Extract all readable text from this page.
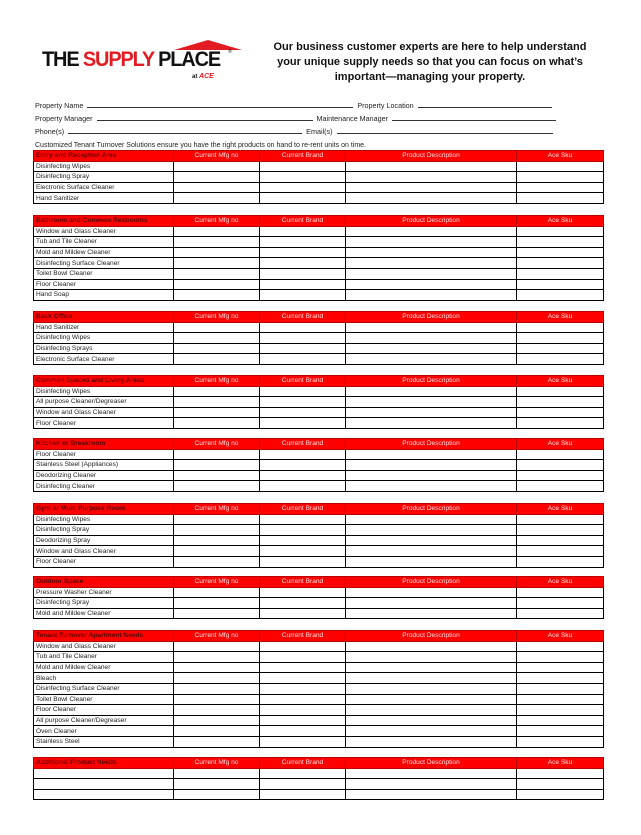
THE SUPPLY PLACE ®
at ACE
Our business customer experts are here to help understand your unique supply needs so that you can focus on what’s important—managing your property.
Property Name	Property Location
Property Manager	Maintenance Manager
Phone(s)	Email(s)
Customized Tenant Turnover Solutions ensure you have the right products on hand to re-rent units on time.
Entry and Reception Area	Current Mfg no	Current Brand	Product Description	Ace Sku
Disinfecting Wipes				
Disinfecting Spray				
Electronic Surface Cleaner				
Hand Sanitizer				
Bathroom and Common Restrooms	Current Mfg no	Current Brand	Product Description	Ace Sku
Window and Glass Cleaner				
Tub and Tile Cleaner				
Mold and Mildew Cleaner				
Disinfecting Surface Cleaner				
Toilet Bowl Cleaner				
Floor Cleaner				
Hand Soap				
Back Office	Current Mfg no	Current Brand	Product Description	Ace Sku
Hand Sanitizer				
Disinfecting Wipes				
Disinfecting Sprays				
Electronic Surface Cleaner				
Common Spaces and Living Areas	Current Mfg no	Current Brand	Product Description	Ace Sku
Disinfecting Wipes				
All purpose Cleaner/Degreaser				
Window and Glass Cleaner				
Floor Cleaner				
Kitchen or Breakroom	Current Mfg no	Current Brand	Product Description	Ace Sku
Floor Cleaner				
Stainless Steel (Appliances)				
Deodorizing Cleaner				
Disinfecting Cleaner				
Gym or Multi Purpose Room	Current Mfg no	Current Brand	Product Description	Ace Sku
Disinfecting Wipes				
Disinfecting Spray				
Deodorizing Spray				
Window and Glass Cleaner				
Floor Cleaner				
Outdoor Space	Current Mfg no	Current Brand	Product Description	Ace Sku
Pressure Washer Cleaner				
Disinfecting Spray				
Mold and Mildew Cleaner				
Tenant Turnover Apartment Needs	Current Mfg no	Current Brand	Product Description	Ace Sku
Window and Glass Cleaner				
Tub and Tile Cleaner				
Mold and Mildew Cleaner				
Bleach				
Disinfecting Surface Cleaner				
Toilet Bowl Cleaner				
Floor Cleaner				
All purpose Cleaner/Degreaser				
Oven Cleaner				
Stainless Steel				
Additional Product Needs	Current Mfg no	Current Brand	Product Description	Ace Sku
